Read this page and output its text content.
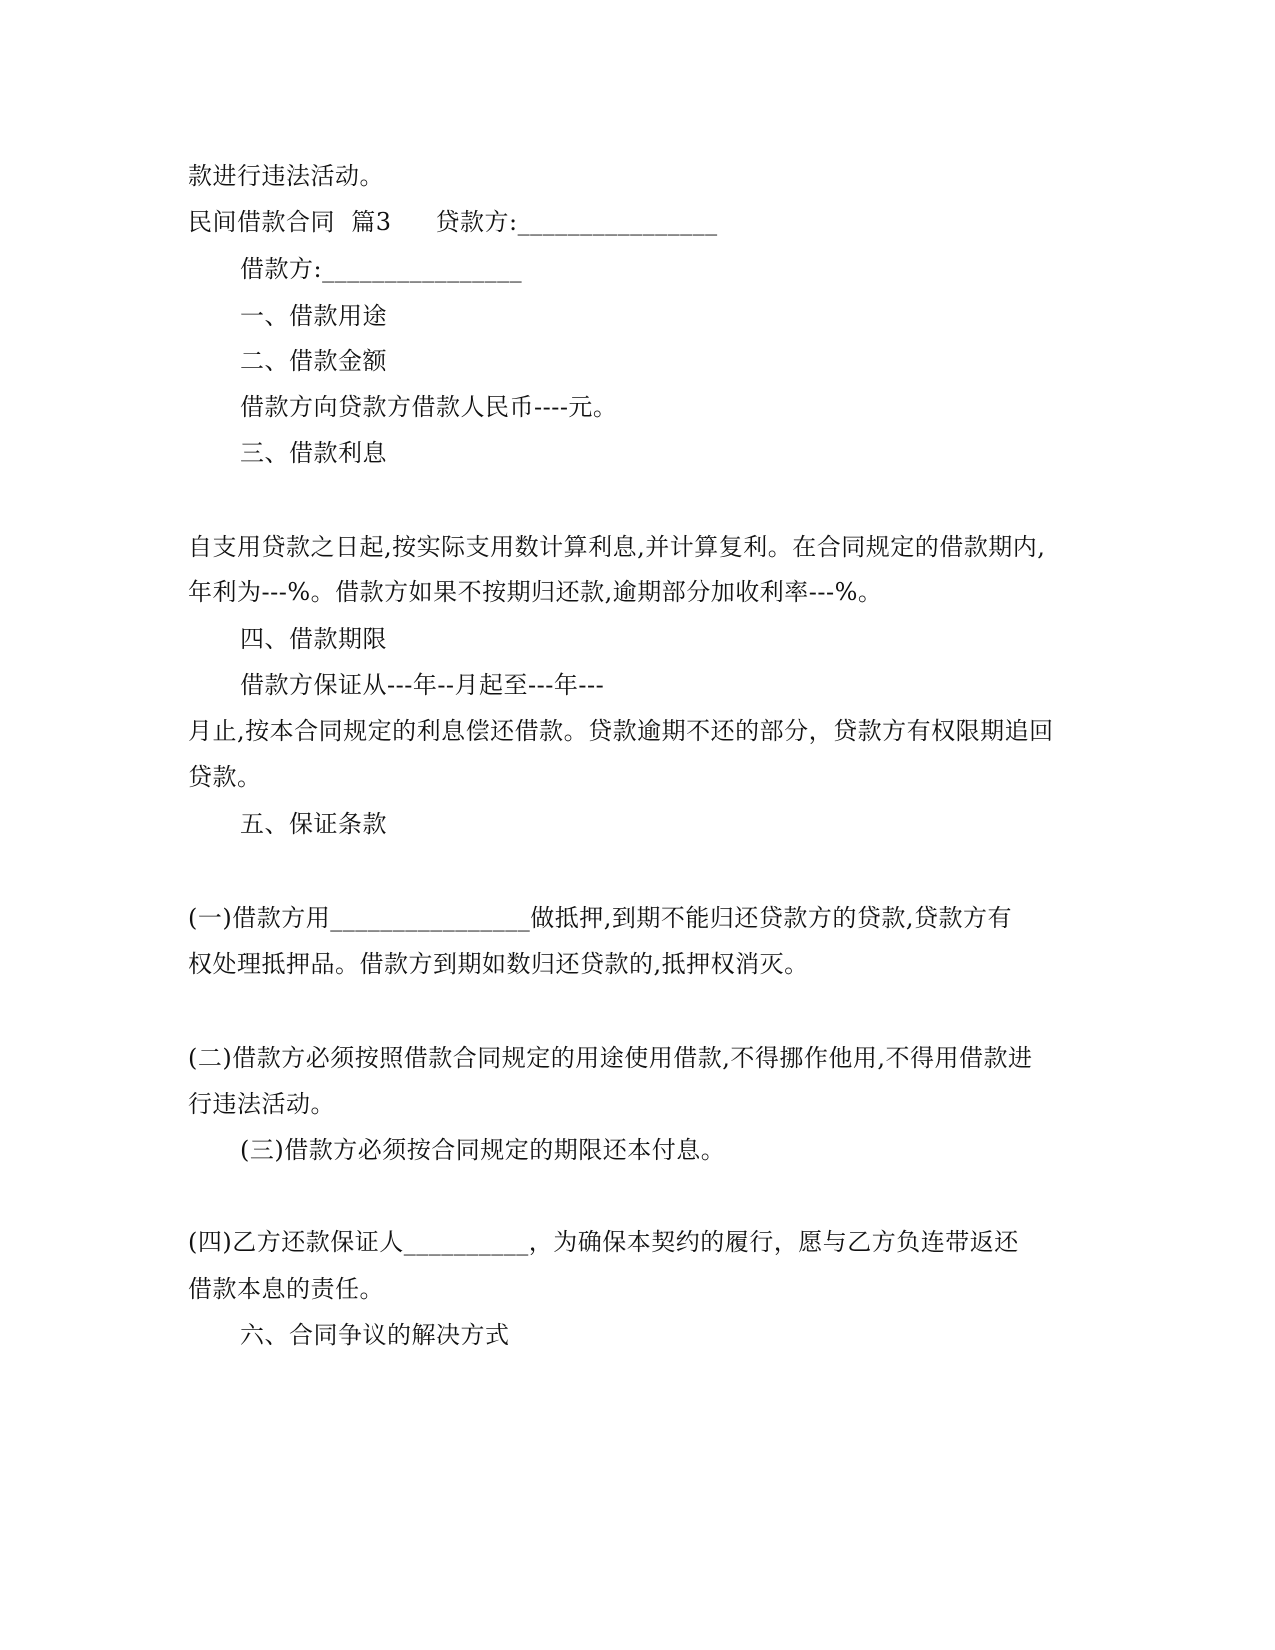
款进行违法活动。
民间借款合同  篇3 贷款方:________________
借款方:________________
一、借款用途
二、借款金额
借款方向贷款方借款人民币----元。
三、借款利息
自支用贷款之日起,按实际支用数计算利息,并计算复利。在合同规定的借款期内,
年利为---%。借款方如果不按期归还款,逾期部分加收利率---%。
四、借款期限
借款方保证从---年--月起至---年---
月止,按本合同规定的利息偿还借款。贷款逾期不还的部分，贷款方有权限期追回
贷款。
五、保证条款
(一)借款方用________________做抵押,到期不能归还贷款方的贷款,贷款方有
权处理抵押品。借款方到期如数归还贷款的,抵押权消灭。
(二)借款方必须按照借款合同规定的用途使用借款,不得挪作他用,不得用借款进
行违法活动。
(三)借款方必须按合同规定的期限还本付息。
(四)乙方还款保证人__________，为确保本契约的履行，愿与乙方负连带返还
借款本息的责任。
六、合同争议的解决方式
